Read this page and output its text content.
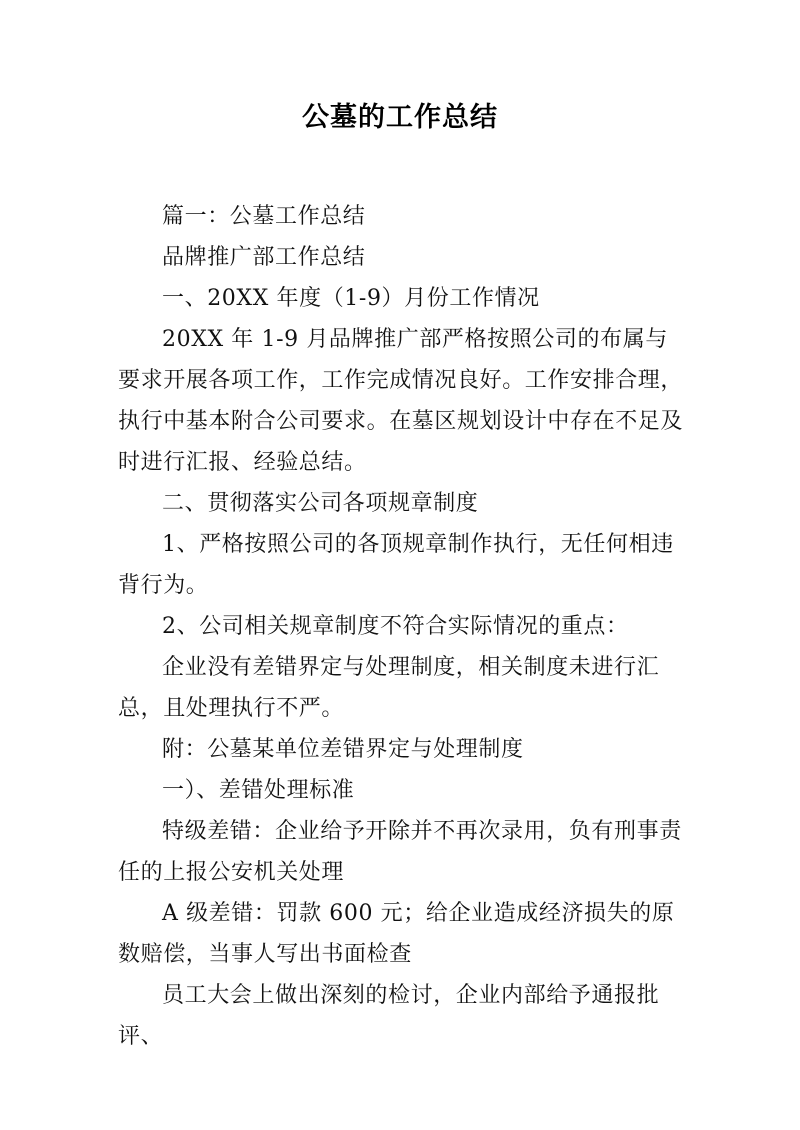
公墓的工作总结

篇一：公墓工作总结

品牌推广部工作总结

一、20XX 年度（1-9）月份工作情况

20XX 年 1-9 月品牌推广部严格按照公司的布属与要求开展各项工作，工作完成情况良好。工作安排合理，执行中基本附合公司要求。在墓区规划设计中存在不足及时进行汇报、经验总结。

二、贯彻落实公司各项规章制度

1、严格按照公司的各顶规章制作执行，无任何相违背行为。

2、公司相关规章制度不符合实际情况的重点：

企业没有差错界定与处理制度，相关制度未进行汇总，且处理执行不严。

附：公墓某单位差错界定与处理制度

一）、差错处理标准

特级差错：企业给予开除并不再次录用，负有刑事责任的上报公安机关处理

A 级差错：罚款 600 元；给企业造成经济损失的原数赔偿，当事人写出书面检查

员工大会上做出深刻的检讨，企业内部给予通报批评、
